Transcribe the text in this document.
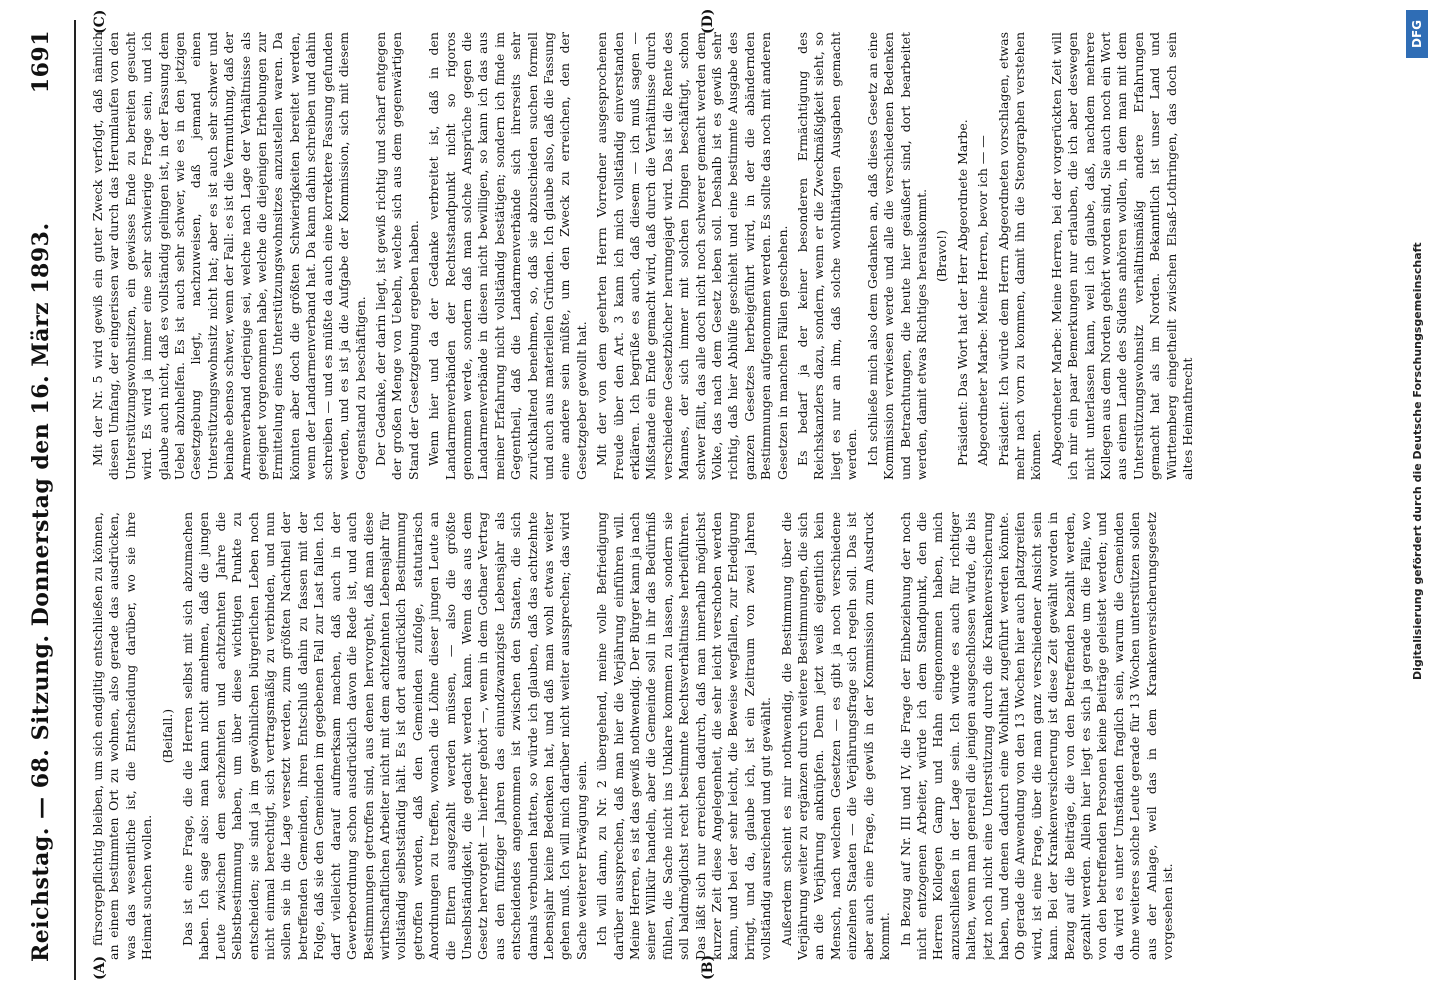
Reichstag. — 68. Sitzung. Donnerstag den 16. März 1893.
1691
(A)	(B)
(C)	(D)

fürsorgepflichtig bleiben, um sich endgiltig entschließen zu können, an einem bestimmten Ort zu wohnen, also gerade das ausdrücken, was das wesentliche ist, die Entscheidung darüber, wo sie ihre Heimat suchen wollen.

(Beifall.) Das ist eine Frage, die die Herren selbst mit sich abzumachen haben. Ich sage also: man kann nicht annehmen, daß die jungen Leute zwischen dem sechzehnten und achtzehnten Jahre die Selbstbestimmung haben, um über diese wichtigen Punkte zu entscheiden; sie sind ja im gewöhnlichen bürgerlichen Leben noch nicht einmal berechtigt, sich vertragsmäßig zu verbinden, und nun sollen sie in die Lage versetzt werden, zum größten Nachtheil der betreffenden Gemeinden, ihren Entschluß dahin zu fassen mit der Folge, daß sie den Gemeinden im gegebenen Fall zur Last fallen. Ich darf vielleicht darauf aufmerksam machen, daß auch in der Gewerbeordnung schon ausdrücklich davon die Rede ist, und auch Bestimmungen getroffen sind, aus denen hervorgeht, daß man diese wirthschaftlichen Arbeiter nicht mit dem achtzehnten Lebensjahr für vollständig selbstständig hält. Es ist dort ausdrücklich Bestimmung getroffen worden, daß den Gemeinden zufolge, statutarisch Anordnungen zu treffen, wonach die Löhne dieser jungen Leute an die Eltern ausgezahlt werden müssen, — also die größte Unselbständigkeit, die gedacht werden kann. Wenn das aus dem Gesetz hervorgeht — hierher gehört —, wenn in dem Gothaer Vertrag aus den fünfziger Jahren das einundzwanzigste Lebensjahr als entscheidendes angenommen ist zwischen den Staaten, die sich damals verbunden hatten, so würde ich glauben, daß das achtzehnte Lebensjahr keine Bedenken hat, und daß man wohl etwas weiter gehen muß. Ich will mich darüber nicht weiter aussprechen; das wird Sache weiterer Erwägung sein. Ich will dann, zu Nr. 2 übergehend, meine volle Befriedigung darüber aussprechen, daß man hier die Verjährung einführen will. Meine Herren, es ist das gewiß nothwendig. Der Bürger kann ja nach seiner Willkür handeln, aber die Gemeinde soll in ihr das Bedürfniß fühlen, die Sache nicht ins Unklare kommen zu lassen, sondern sie soll baldmöglichst recht bestimmte Rechtsverhältnisse herbeiführen. Das läßt sich nur erreichen dadurch, daß man innerhalb möglichst kurzer Zeit diese Angelegenheit, die sehr leicht verschoben werden kann, und bei der sehr leicht, die Beweise wegfallen, zur Erledigung bringt, und da, glaube ich, ist ein Zeitraum von zwei Jahren vollständig ausreichend und gut gewählt. Außerdem scheint es mir nothwendig, die Bestimmung über die Verjährung weiter zu ergänzen durch weitere Bestimmungen, die sich an die Verjährung anknüpfen. Denn jetzt weiß eigentlich kein Mensch, nach welchen Gesetzen — es gibt ja noch verschiedene einzelnen Staaten — die Verjährungsfrage sich regeln soll. Das ist aber auch eine Frage, die gewiß in der Kommission zum Ausdruck kommt. In Bezug auf Nr. III und IV, die Frage der Einbeziehung der noch nicht entzogenen Arbeiter, würde ich dem Standpunkt, den die Herren Kollegen Gamp und Hahn eingenommen haben, mich anzuschließen in der Lage sein. Ich würde es auch für richtiger halten, wenn man generell die jenigen ausgeschlossen würde, die bis jetzt noch nicht eine Unterstützung durch die Krankenversicherung haben, und denen dadurch eine Wohlthat zugeführt werden könnte. Ob gerade die Anwendung von den 13 Wochen hier auch platzgreifen wird, ist eine Frage, über die man ganz verschiedener Ansicht sein kann. Bei der Krankenversicherung ist diese Zeit gewählt worden in Bezug auf die Beiträge, die von den Betreffenden bezahlt werden, gezahlt werden. Allein hier liegt es sich ja gerade um die Fälle, wo von den betreffenden Personen keine Beiträge geleistet werden; und da wird es unter Umständen fraglich sein, warum die Gemeinden ohne weiteres solche Leute gerade für 13 Wochen unterstützen sollen aus der Anlage, weil das in dem Krankenversicherungsgesetz vorgesehen ist.

Mit der Nr. 5 wird gewiß ein guter Zweck verfolgt, daß nämlich diesen Umfang, der eingerissen war durch das Herumlaufen von den Unterstützungswohnsitzen, ein gewisses Ende zu bereiten gesucht wird. Es wird ja immer eine sehr schwierige Frage sein, und ich glaube auch nicht, daß es vollständig gelingen ist, in der Fassung dem Uebel abzuhelfen. Es ist auch sehr schwer, wie es in den jetzigen Gesetzgebung liegt, nachzuweisen, daß jemand einen Unterstützungswohnsitz nicht hat; aber es ist auch sehr schwer und beinahe ebenso schwer, wenn der Fall: es ist die Vermuthung, daß der Armenverband derjenige sei, welche nach Lage der Verhältnisse als geeignet vorgenommen habe, welche die diejenigen Erhebungen zur Ermittelung eines Unterstützungswohnsitzes anzustellen waren. Da könnten aber doch die größten Schwierigkeiten bereitet werden, wenn der Landarmenverband hat. Da kann dahin schreiben und dahin schreiben — und es müßte da auch eine korrektere Fassung gefunden werden, und es ist ja die Aufgabe der Kommission, sich mit diesem Gegenstand zu beschäftigen. Der Gedanke, der darin liegt, ist gewiß richtig und scharf entgegen der großen Menge von Uebeln, welche sich aus dem gegenwärtigen Stand der Gesetzgebung ergeben haben. Wenn hier und da der Gedanke verbreitet ist, daß in den Landarmenverbänden der Rechtsstandpunkt nicht so rigoros genommen werde, sondern daß man solche Ansprüche gegen die Landarmenverbände in diesen nicht bewilligen, so kann ich das aus meiner Erfahrung nicht vollständig bestätigen; sondern ich finde im Gegentheil, daß die Landarmenverbände sich ihrerseits sehr zurückhaltend benehmen, so, daß sie abzuschieden suchen formell und auch aus materiellen Gründen. Ich glaube also, daß die Fassung eine andere sein müßte, um den Zweck zu erreichen, den der Gesetzgeber gewollt hat. Mit der von dem geehrten Herrn Vorredner ausgesprochenen Freude über den Art. 3 kann ich mich vollständig einverstanden erklären. Ich begrüße es auch, daß diesem — ich muß sagen — Mißstande ein Ende gemacht wird, daß durch die Verhältnisse durch verschiedene Gesetzbücher herumgejagt wird. Das ist die Rente des Mannes, der sich immer mit solchen Dingen beschäftigt, schon schwer fällt, das alle doch nicht noch schwerer gemacht werden dem Volke, das nach dem Gesetz leben soll. Deshalb ist es gewiß sehr richtig, daß hier Abhülfe geschieht und eine bestimmte Ausgabe des ganzen Gesetzes herbeigeführt wird, in der die abändernden Bestimmungen aufgenommen werden. Es sollte das noch mit anderen Gesetzen in manchen Fällen geschehen. Es bedarf ja der keiner besonderen Ermächtigung des Reichskanzlers dazu, sondern, wenn er die Zweckmäßigkeit sieht, so liegt es nur an ihm, daß solche wohlthätigen Ausgaben gemacht werden. Ich schließe mich also dem Gedanken an, daß dieses Gesetz an eine Kommission verwiesen werde und alle die verschiedenen Bedenken und Betrachtungen, die heute hier geäußert sind, dort bearbeitet werden, damit etwas Richtiges herauskommt. (Bravo!) Präsident: Das Wort hat der Herr Abgeordnete Marbe. Abgeordneter Marbe: Meine Herren, bevor ich — — Präsident: Ich würde dem Herrn Abgeordneten vorschlagen, etwas mehr nach vorn zu kommen, damit ihn die Stenographen verstehen können. Abgeordneter Marbe: Meine Herren, bei der vorgerückten Zeit will ich mir ein paar Bemerkungen nur erlauben, die ich aber deswegen nicht unterlassen kann, weil ich glaube, daß, nachdem mehrere Kollegen aus dem Norden gehört worden sind, Sie auch noch ein Wort aus einem Lande des Südens anhören wollen, in dem man mit dem Unterstützungswohnsitz verhältnismäßig andere Erfahrungen gemacht hat als im Norden. Bekanntlich ist unser Land und Württemberg eingetheilt zwischen Elsaß-Lothringen, das doch sein altes Heimathrecht	Digitalisierung gefördert durch die Deutsche Forschungsgemeinschaft
DFG
